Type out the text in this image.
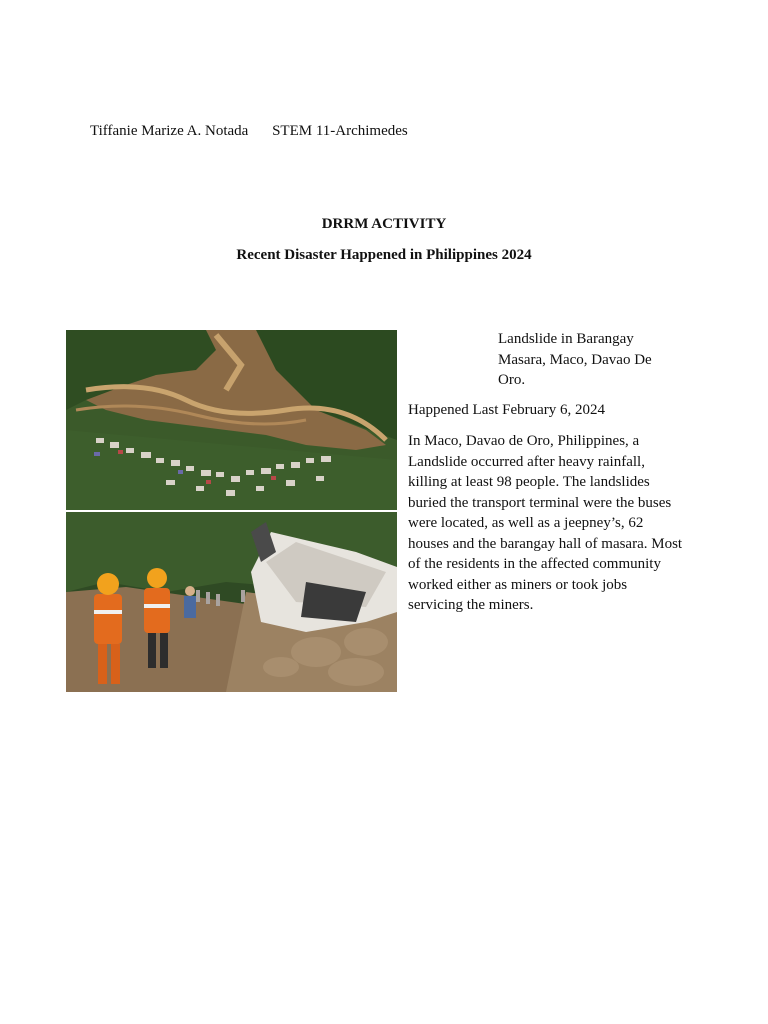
Tiffanie Marize A. Notada STEM 11-Archimedes
DRRM ACTIVITY
Recent Disaster Happened in Philippines 2024
Landslide in Barangay Masara, Maco, Davao De Oro.

Happened Last February 6, 2024

In Maco, Davao de Oro, Philippines, a Landslide occurred after heavy rainfall, killing at least 98 people. The landslides buried the transport terminal were the buses were located, as well as a jeepney’s, 62 houses and the barangay hall of masara. Most of the residents in the affected community worked either as miners or took jobs servicing the miners.
